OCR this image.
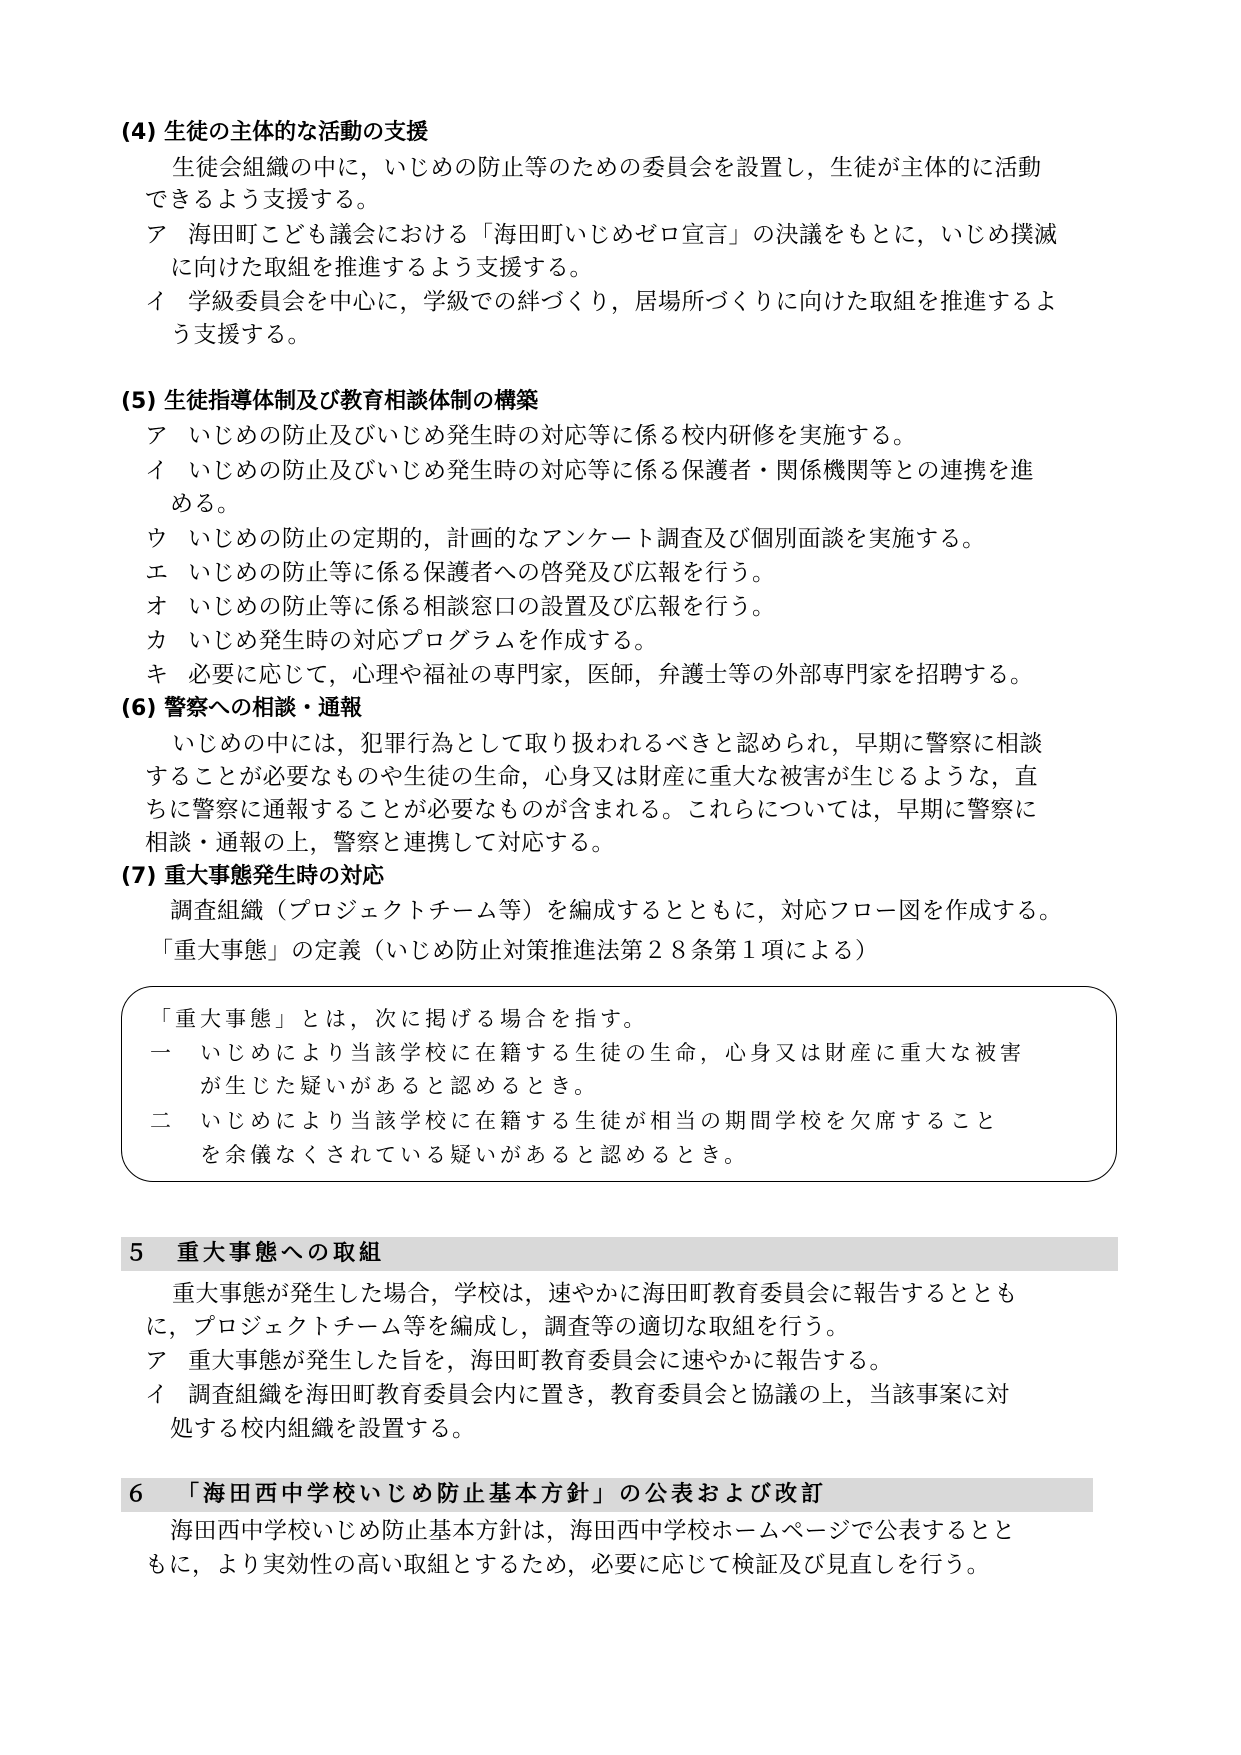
(4) 生徒の主体的な活動の支援
生徒会組織の中に，いじめの防止等のための委員会を設置し，生徒が主体的に活動
できるよう支援する。
ア 海田町こども議会における「海田町いじめゼロ宣言」の決議をもとに，いじめ撲滅
に向けた取組を推進するよう支援する。
イ 学級委員会を中心に，学級での絆づくり，居場所づくりに向けた取組を推進するよ
う支援する。
(5) 生徒指導体制及び教育相談体制の構築
ア いじめの防止及びいじめ発生時の対応等に係る校内研修を実施する。
イ いじめの防止及びいじめ発生時の対応等に係る保護者・関係機関等との連携を進
める。
ウ いじめの防止の定期的，計画的なアンケート調査及び個別面談を実施する。
エ いじめの防止等に係る保護者への啓発及び広報を行う。
オ いじめの防止等に係る相談窓口の設置及び広報を行う。
カ いじめ発生時の対応プログラムを作成する。
キ 必要に応じて，心理や福祉の専門家，医師，弁護士等の外部専門家を招聘する。
(6) 警察への相談・通報
いじめの中には，犯罪行為として取り扱われるべきと認められ，早期に警察に相談
することが必要なものや生徒の生命，心身又は財産に重大な被害が生じるような，直
ちに警察に通報することが必要なものが含まれる。これらについては，早期に警察に
相談・通報の上，警察と連携して対応する。
(7) 重大事態発生時の対応
調査組織（プロジェクトチーム等）を編成するとともに，対応フロー図を作成する。
「重大事態」の定義（いじめ防止対策推進法第２８条第１項による）
「重大事態」とは，次に掲げる場合を指す。
一 いじめにより当該学校に在籍する生徒の生命，心身又は財産に重大な被害
が生じた疑いがあると認めるとき。
二 いじめにより当該学校に在籍する生徒が相当の期間学校を欠席すること
を余儀なくされている疑いがあると認めるとき。
５ 重大事態への取組
重大事態が発生した場合，学校は，速やかに海田町教育委員会に報告するととも
に，プロジェクトチーム等を編成し，調査等の適切な取組を行う。
ア 重大事態が発生した旨を，海田町教育委員会に速やかに報告する。
イ 調査組織を海田町教育委員会内に置き，教育委員会と協議の上，当該事案に対
処する校内組織を設置する。
６ 「海田西中学校いじめ防止基本方針」の公表および改訂
海田西中学校いじめ防止基本方針は，海田西中学校ホームページで公表するとと
もに，より実効性の高い取組とするため，必要に応じて検証及び見直しを行う。
